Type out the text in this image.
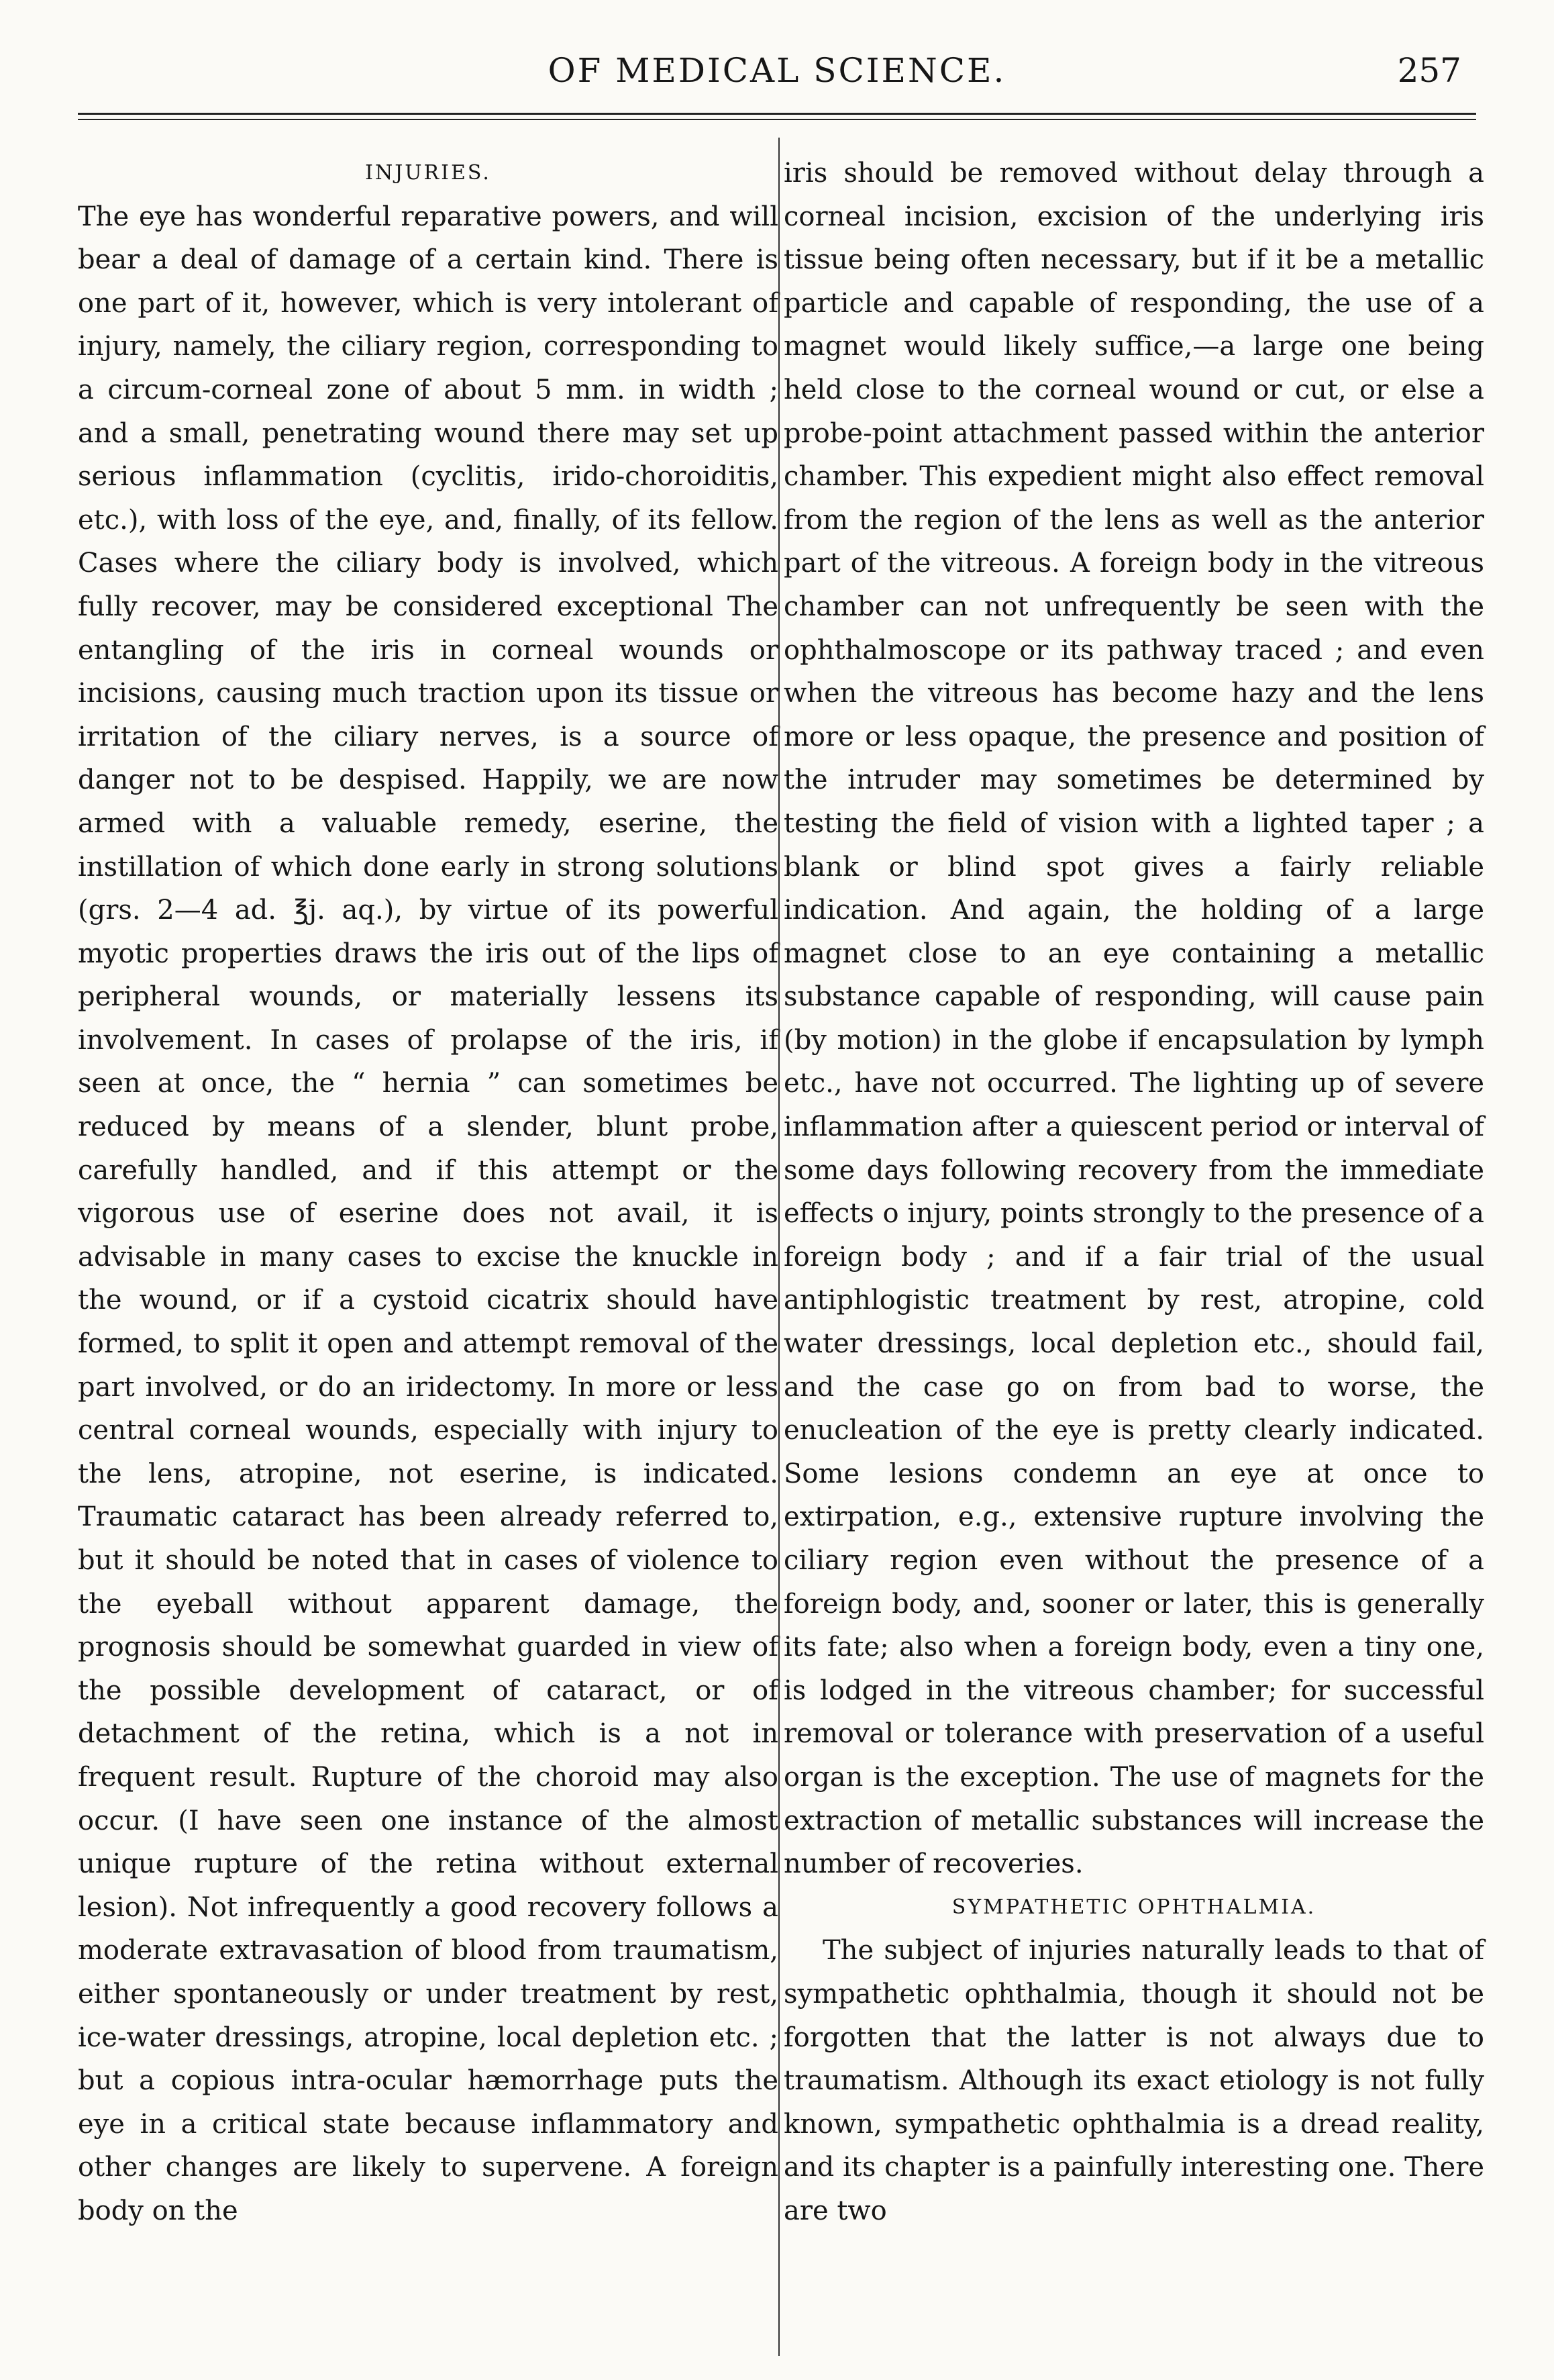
OF MEDICAL SCIENCE.	257
INJURIES.

The eye has wonderful reparative powers, and will bear a deal of damage of a certain kind. There is one part of it, however, which is very intolerant of injury, namely, the ciliary region, corresponding to a circum-corneal zone of about 5 mm. in width ; and a small, penetrating wound there may set up serious inflammation (cyclitis, irido-choroiditis, etc.), with loss of the eye, and, finally, of its fellow. Cases where the ciliary body is involved, which fully recover, may be considered exceptional The entangling of the iris in corneal wounds or incisions, causing much traction upon its tissue or irritation of the ciliary nerves, is a source of danger not to be despised. Happily, we are now armed with a valuable remedy, eserine, the instillation of which done early in strong solutions (grs. 2—4 ad. ℥j. aq.), by virtue of its powerful myotic properties draws the iris out of the lips of peripheral wounds, or materially lessens its involvement. In cases of prolapse of the iris, if seen at once, the “ hernia ” can sometimes be reduced by means of a slender, blunt probe, carefully handled, and if this attempt or the vigorous use of eserine does not avail, it is advisable in many cases to excise the knuckle in the wound, or if a cystoid cicatrix should have formed, to split it open and attempt removal of the part involved, or do an iridectomy. In more or less central corneal wounds, especially with injury to the lens, atropine, not eserine, is indicated. Traumatic cataract has been already referred to, but it should be noted that in cases of violence to the eyeball without apparent damage, the prognosis should be somewhat guarded in view of the possible development of cataract, or of detachment of the retina, which is a not in frequent result. Rupture of the choroid may also occur. (I have seen one instance of the almost unique rupture of the retina without external lesion). Not infrequently a good recovery follows a moderate extravasation of blood from traumatism, either spontaneously or under treatment by rest, ice-water dressings, atropine, local depletion etc. ; but a copious intra-ocular hæmorrhage puts the eye in a critical state because inflammatory and other changes are likely to supervene. A foreign body on the

iris should be removed without delay through a corneal incision, excision of the underlying iris tissue being often necessary, but if it be a metallic particle and capable of responding, the use of a magnet would likely suffice,—a large one being held close to the corneal wound or cut, or else a probe-point attachment passed within the anterior chamber. This expedient might also effect removal from the region of the lens as well as the anterior part of the vitreous. A foreign body in the vitreous chamber can not unfrequently be seen with the ophthalmoscope or its pathway traced ; and even when the vitreous has become hazy and the lens more or less opaque, the presence and position of the intruder may sometimes be determined by testing the field of vision with a lighted taper ; a blank or blind spot gives a fairly reliable indication. And again, the holding of a large magnet close to an eye containing a metallic substance capable of responding, will cause pain (by motion) in the globe if encapsulation by lymph etc., have not occurred. The lighting up of severe inflammation after a quiescent period or interval of some days following recovery from the immediate effects o injury, points strongly to the presence of a foreign body ; and if a fair trial of the usual antiphlogistic treatment by rest, atropine, cold water dressings, local depletion etc., should fail, and the case go on from bad to worse, the enucleation of the eye is pretty clearly indicated. Some lesions condemn an eye at once to extirpation, e.g., extensive rupture involving the ciliary region even without the presence of a foreign body, and, sooner or later, this is generally its fate; also when a foreign body, even a tiny one, is lodged in the vitreous chamber; for successful removal or tolerance with preservation of a useful organ is the exception. The use of magnets for the extraction of metallic substances will increase the number of recoveries.

SYMPATHETIC OPHTHALMIA.

The subject of injuries naturally leads to that of sympathetic ophthalmia, though it should not be forgotten that the latter is not always due to traumatism. Although its exact etiology is not fully known, sympathetic ophthalmia is a dread reality, and its chapter is a painfully interesting one. There are two
